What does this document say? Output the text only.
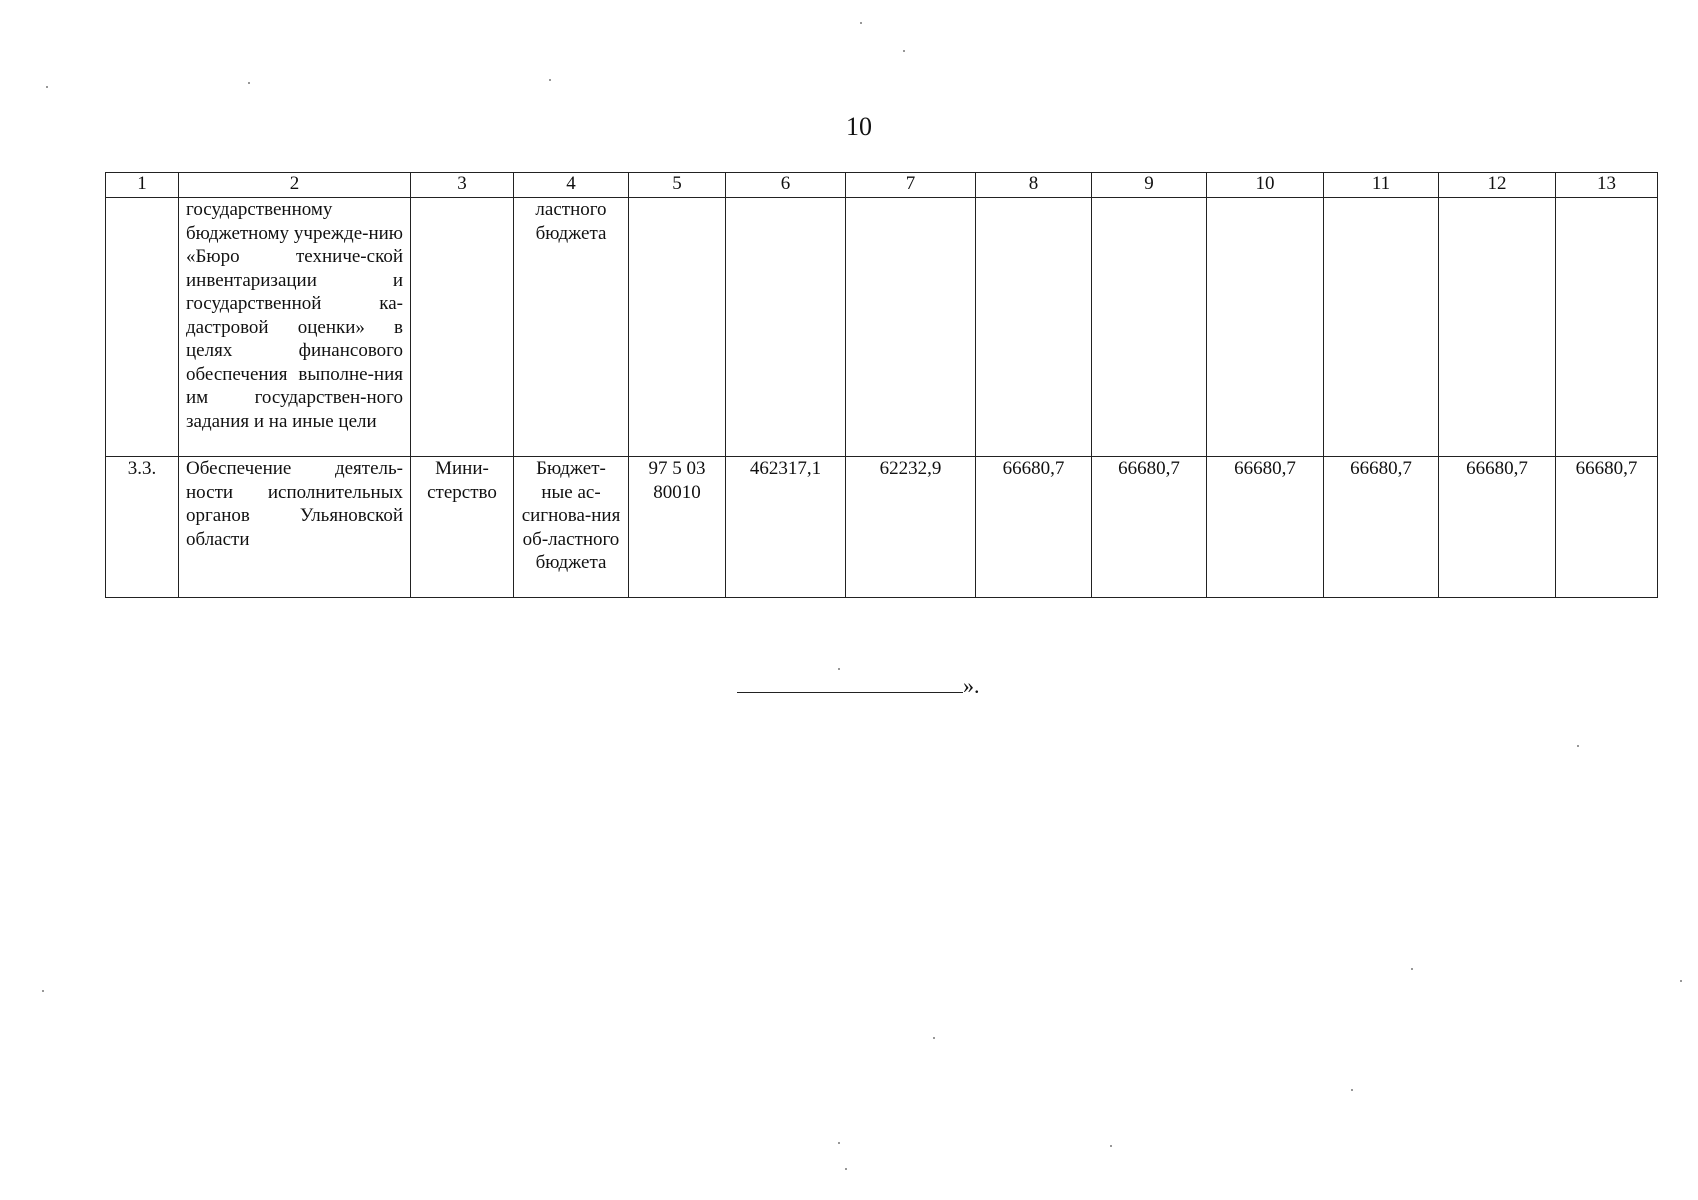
10
1	2	3	4	5	6	7	8	9	10	11	12	13
	государственному бюджетному учрежде-нию «Бюро техниче-ской инвентаризации и государственной ка-дастровой оценки» в целях финансового обеспечения выполне-ния им государствен-ного задания и на иные цели		ластного бюджета									
3.3.	Обеспечение деятель-ности исполнительных органов Ульяновской области	Мини-стерство	Бюджет-ные ас-сигнова-ния об-ластного бюджета	97 5 03 80010	462317,1	62232,9	66680,7	66680,7	66680,7	66680,7	66680,7	66680,7
».
